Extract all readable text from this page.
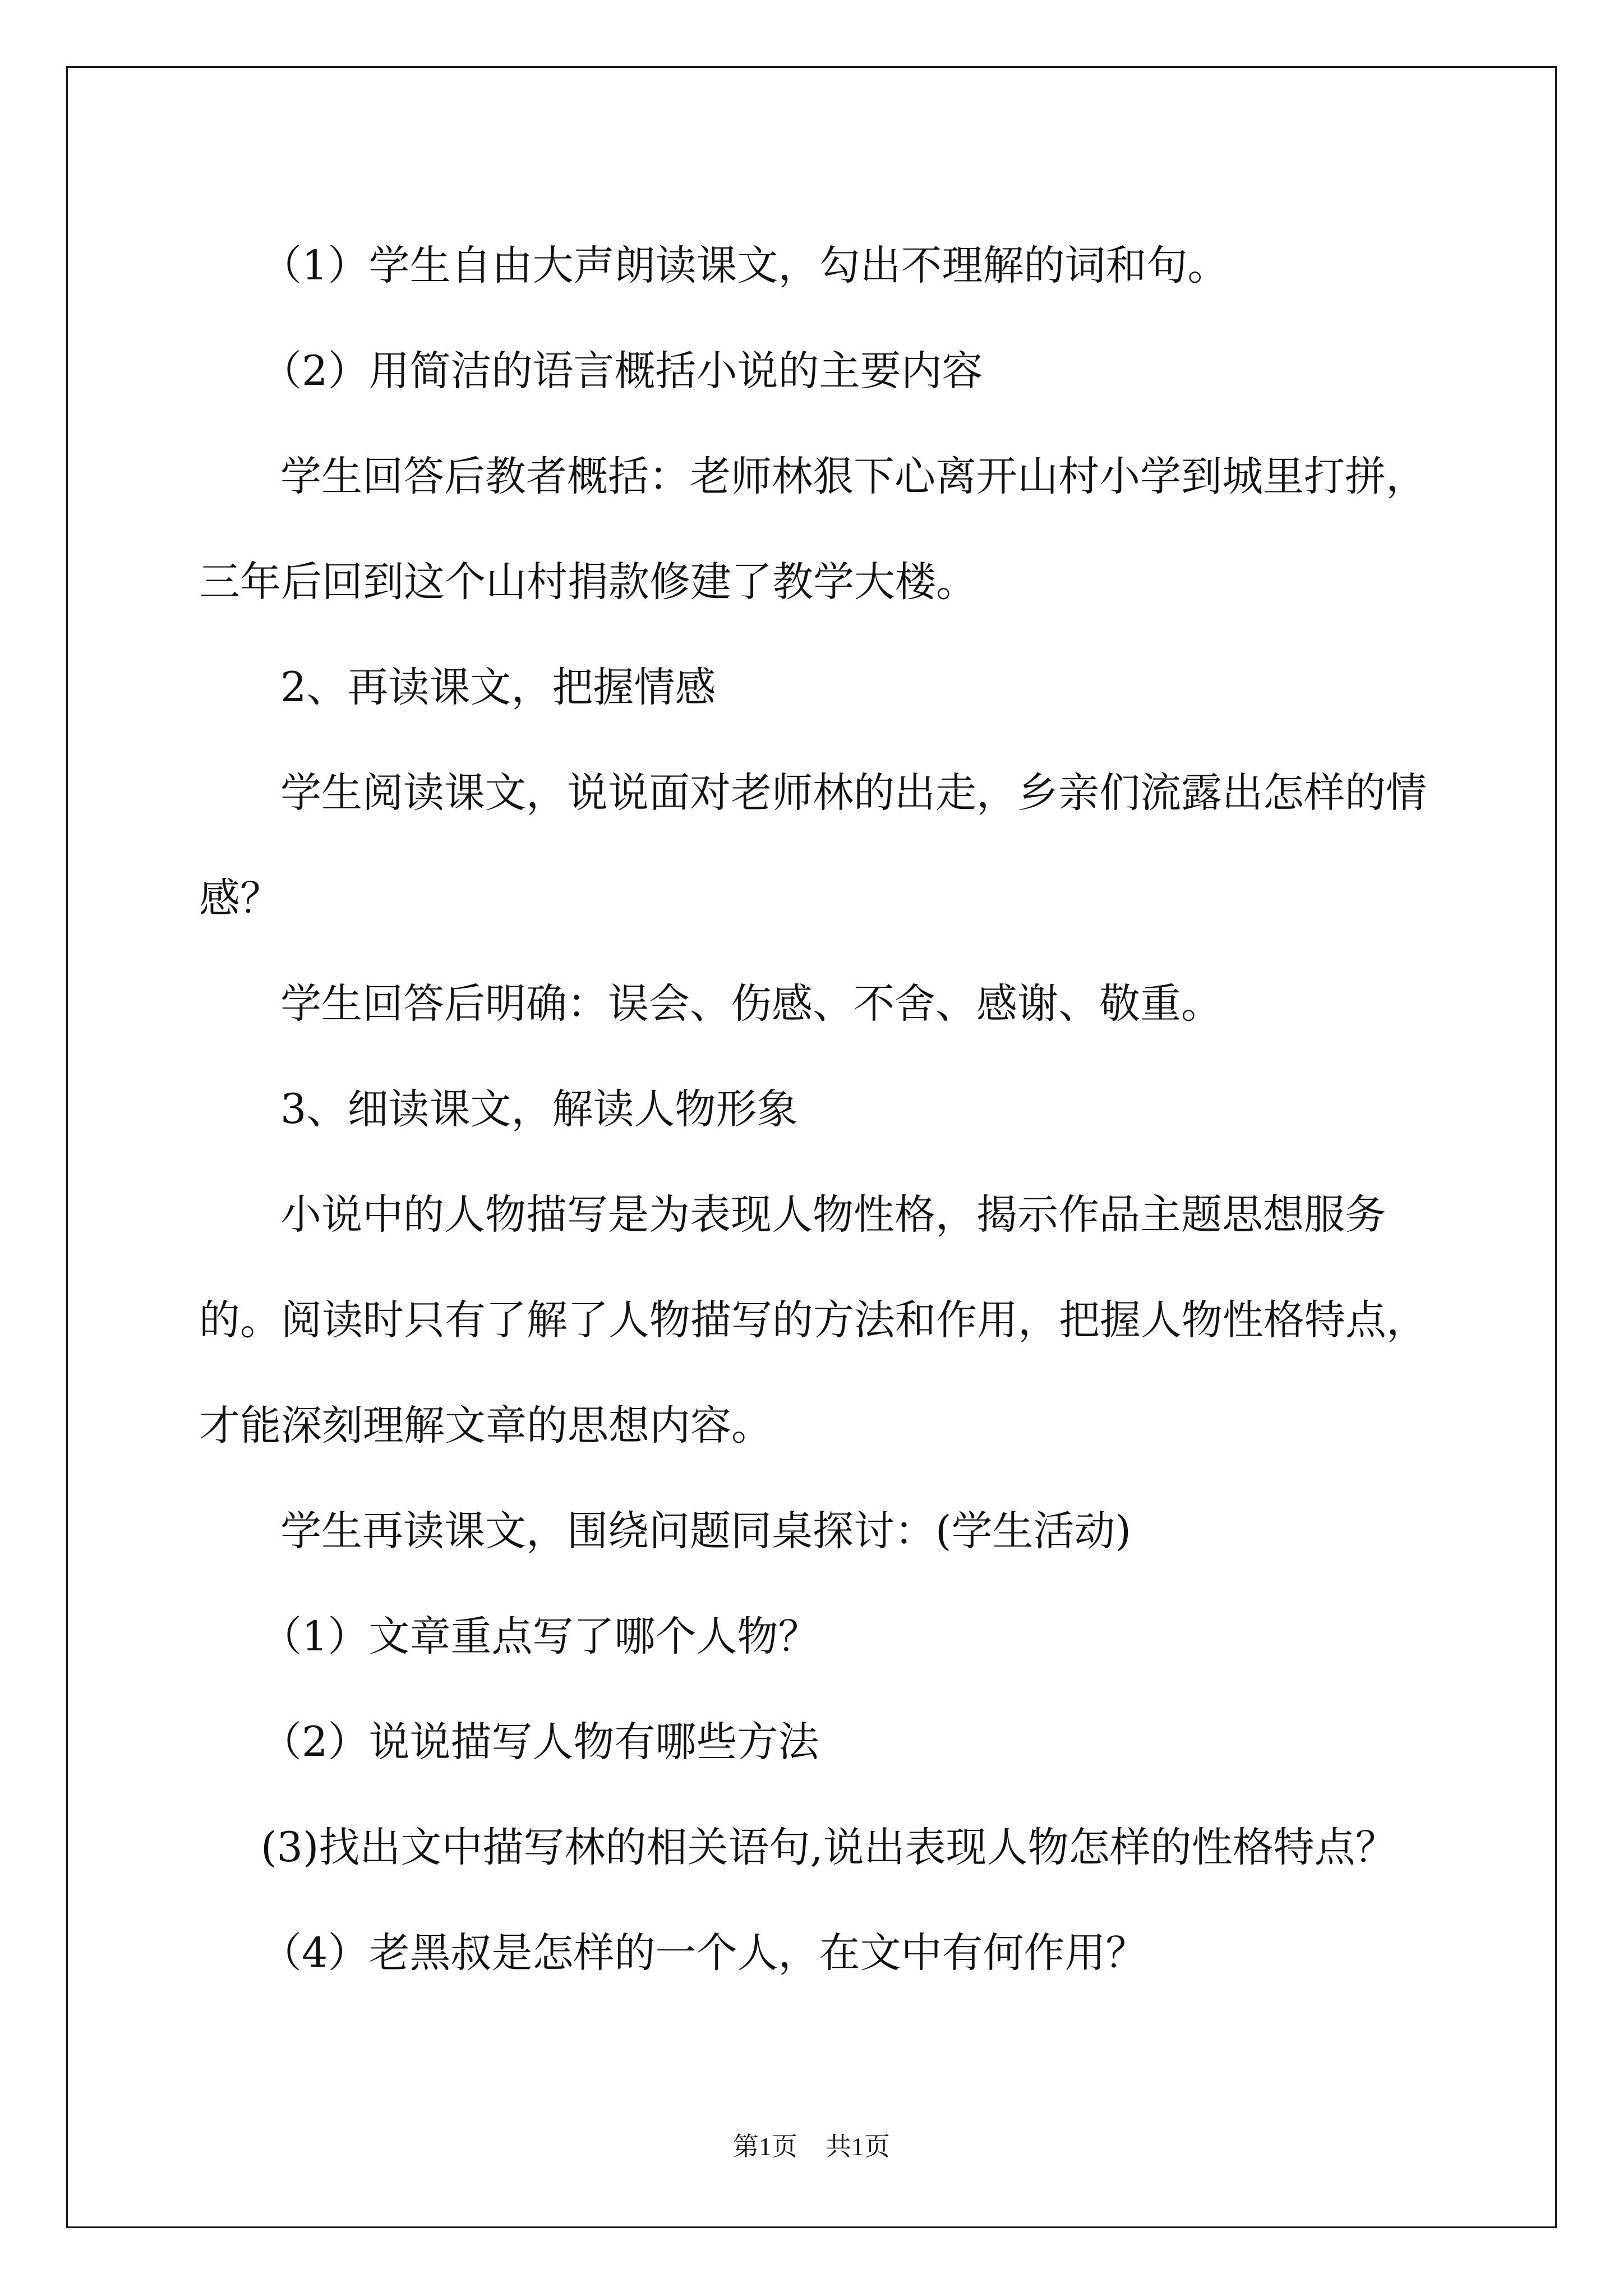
（1）学生自由大声朗读课文，勾出不理解的词和句。

（2）用简洁的语言概括小说的主要内容

学生回答后教者概括：老师林狠下心离开山村小学到城里打拼，三年后回到这个山村捐款修建了教学大楼。

2、再读课文，把握情感

学生阅读课文，说说面对老师林的出走，乡亲们流露出怎样的情感？

学生回答后明确：误会、伤感、不舍、感谢、敬重。

3、细读课文，解读人物形象

小说中的人物描写是为表现人物性格，揭示作品主题思想服务的。阅读时只有了解了人物描写的方法和作用，把握人物性格特点，才能深刻理解文章的思想内容。

学生再读课文，围绕问题同桌探讨：(学生活动)

（1）文章重点写了哪个人物？

（2）说说描写人物有哪些方法

(3)找出文中描写林的相关语句,说出表现人物怎样的性格特点？

（4）老黑叔是怎样的一个人，在文中有何作用？

第1页 共1页
